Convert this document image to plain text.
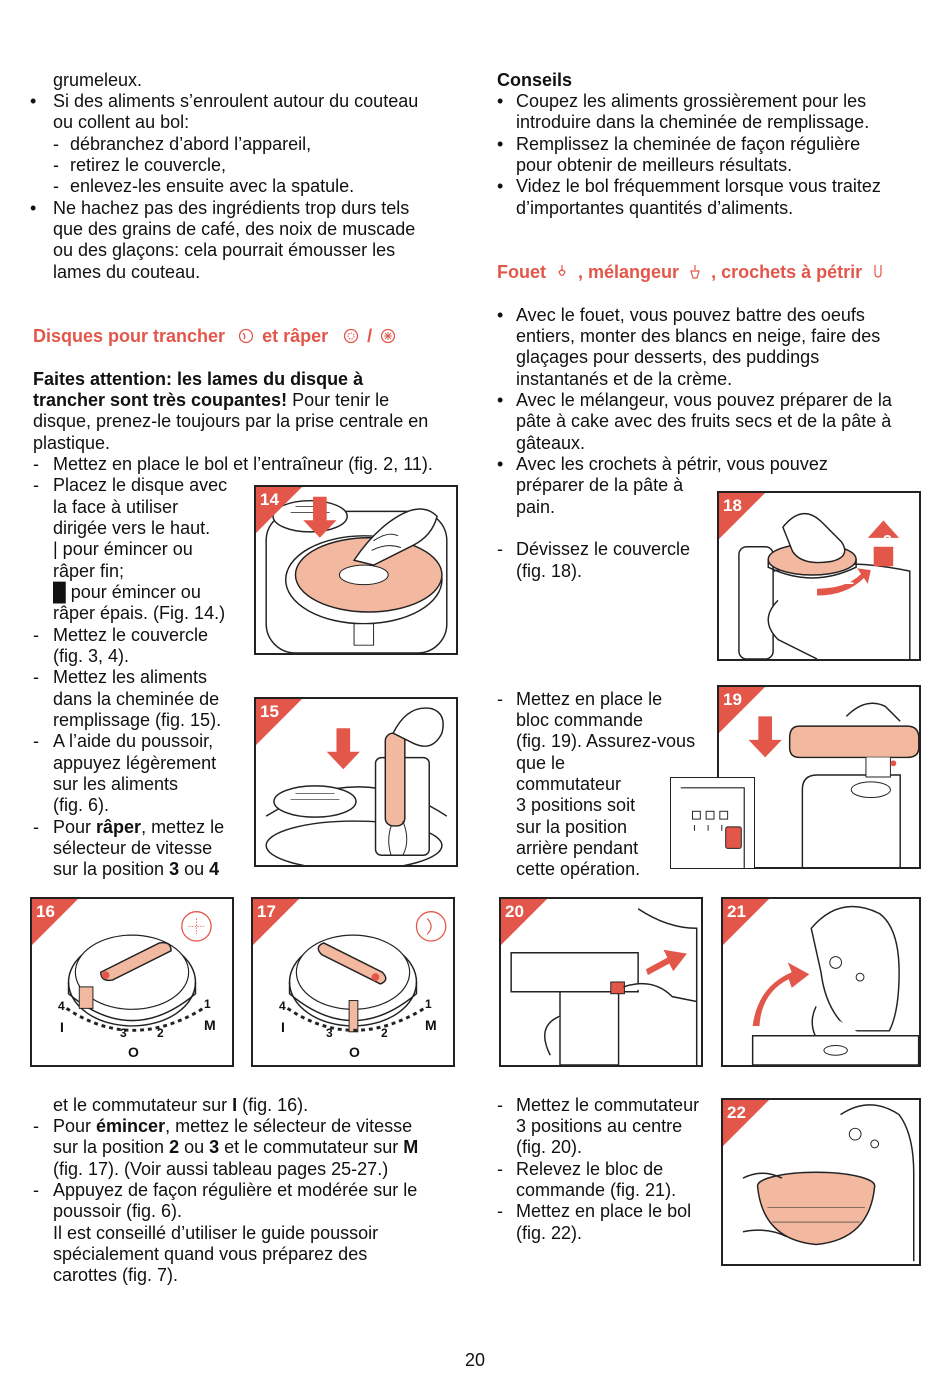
grumeleux.
• Si des aliments s’enroulent autour du couteau
ou collent au bol:
- débranchez d’abord l’appareil,
- retirez le couvercle,
- enlevez-les ensuite avec la spatule.
• Ne hachez pas des ingrédients trop durs tels
que des grains de café, des noix de muscade
ou des glaçons: cela pourrait émousser les
lames du couteau.
Disques pour trancher et râper /
Faites attention: les lames du disque à
trancher sont très coupantes! Pour tenir le
disque, prenez-le toujours par la prise centrale en
plastique.
- Mettez en place le bol et l’entraîneur (fig. 2, 11).
- Placez le disque avec
la face à utiliser
dirigée vers le haut.
| pour émincer ou
râper fin;
█ pour émincer ou
râper épais. (Fig. 14.)
- Mettez le couvercle
(fig. 3, 4).
- Mettez les aliments
dans la cheminée de
remplissage (fig. 15).
- A l’aide du poussoir,
appuyez légèrement
sur les aliments
(fig. 6).
- Pour râper, mettez le
sélecteur de vitesse
sur la position 3 ou 4
et le commutateur sur I (fig. 16).
- Pour émincer, mettez le sélecteur de vitesse
sur la position 2 ou 3 et le commutateur sur M
(fig. 17). (Voir aussi tableau pages 25-27.)
- Appuyez de façon régulière et modérée sur le
poussoir (fig. 6).
Il est conseillé d’utiliser le guide poussoir
spécialement quand vous préparez des
carottes (fig. 7).
Conseils
• Coupez les aliments grossièrement pour les
introduire dans la cheminée de remplissage.
• Remplissez la cheminée de façon régulière
pour obtenir de meilleurs résultats.
• Videz le bol fréquemment lorsque vous traitez
d’importantes quantités d’aliments.
Fouet , mélangeur , crochets à pétrir
• Avec le fouet, vous pouvez battre des oeufs
entiers, monter des blancs en neige, faire des
glaçages pour desserts, des puddings
instantanés et de la crème.
• Avec le mélangeur, vous pouvez préparer de la
pâte à cake avec des fruits secs et de la pâte à
gâteaux.
• Avec les crochets à pétrir, vous pouvez
préparer de la pâte à
pain.
- Dévissez le couvercle
(fig. 18).
- Mettez en place le
bloc commande
(fig. 19). Assurez-vous
que le
commutateur
3 positions soit
sur la position
arrière pendant
cette opération.
- Mettez le commutateur
3 positions au centre
(fig. 20).
- Relevez le bloc de
commande (fig. 21).
- Mettez en place le bol
(fig. 22).
14
15
4
3	2
1
I
O
M
16
4
3	2
1
I
O
M
17
1
2
18
19
20	21
22
20
